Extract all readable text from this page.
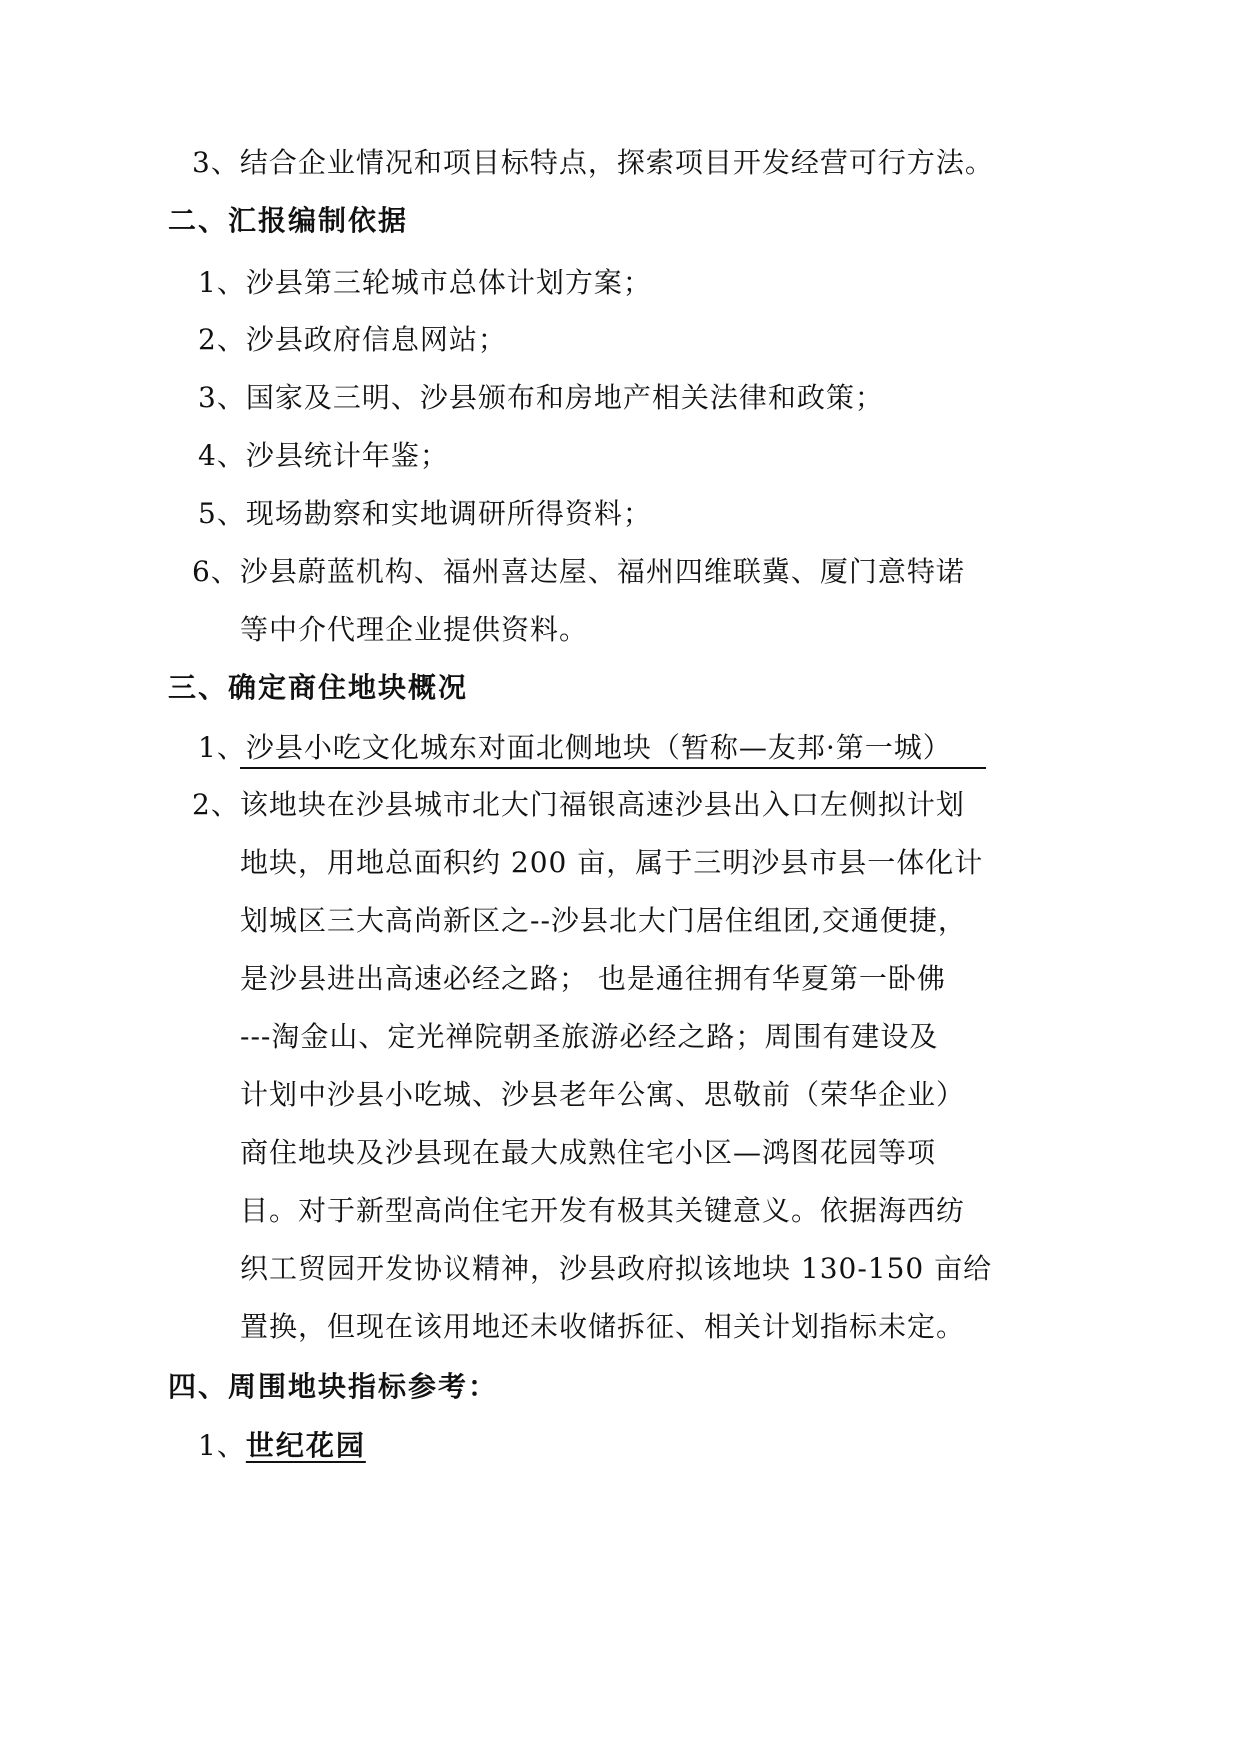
3、结合企业情况和项目标特点，探索项目开发经营可行方法。
二、汇报编制依据
1、沙县第三轮城市总体计划方案；
2、沙县政府信息网站；
3、国家及三明、沙县颁布和房地产相关法律和政策；
4、沙县统计年鉴；
5、现场勘察和实地调研所得资料；
6、沙县蔚蓝机构、福州喜达屋、福州四维联冀、厦门意特诺
等中介代理企业提供资料。
三、确定商住地块概况
1、沙县小吃文化城东对面北侧地块（暂称—友邦·第一城）
2、该地块在沙县城市北大门福银高速沙县出入口左侧拟计划
地块，用地总面积约 200 亩，属于三明沙县市县一体化计
划城区三大高尚新区之--沙县北大门居住组团,交通便捷，
是沙县进出高速必经之路； 也是通往拥有华夏第一卧佛
---淘金山、定光禅院朝圣旅游必经之路；周围有建设及
计划中沙县小吃城、沙县老年公寓、思敬前（荣华企业）
商住地块及沙县现在最大成熟住宅小区—鸿图花园等项
目。对于新型高尚住宅开发有极其关键意义。依据海西纺
织工贸园开发协议精神，沙县政府拟该地块 130-150 亩给
置换，但现在该用地还未收储拆征、相关计划指标未定。
四、周围地块指标参考：
1、世纪花园
